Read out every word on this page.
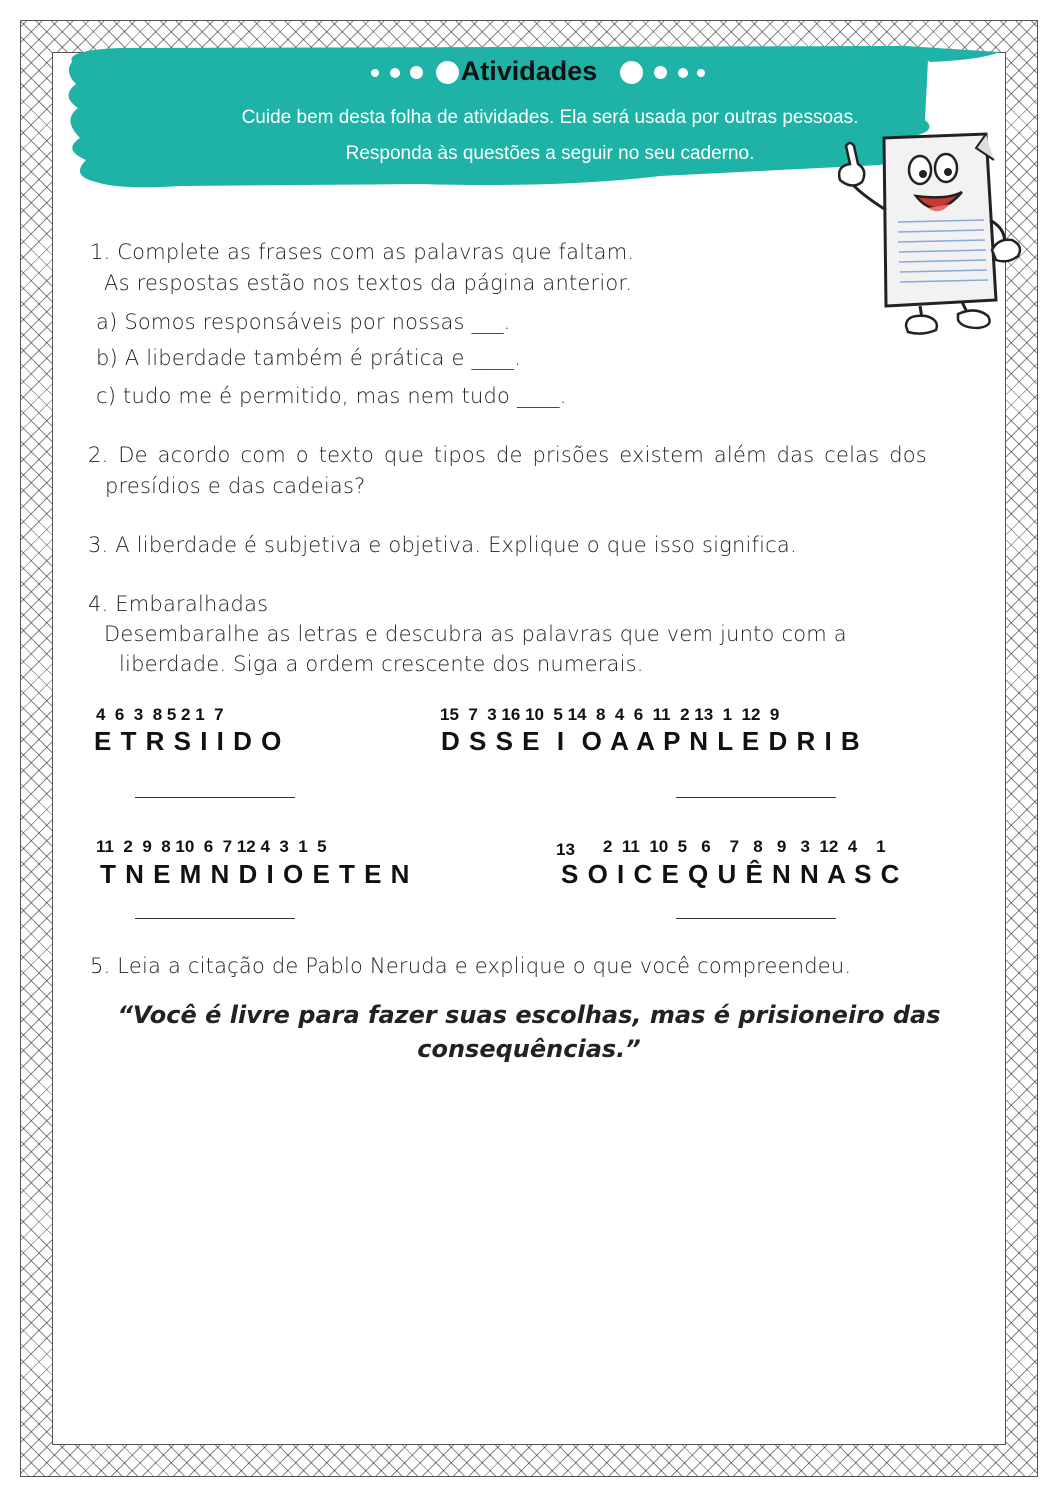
Atividades
Cuide bem desta folha de atividades. Ela será usada por outras pessoas.
Responda às questões a seguir no seu caderno.
1. Complete as frases com as palavras que faltam.
As respostas estão nos textos da página anterior.
a) Somos responsáveis por nossas ___.
b) A liberdade também é prática e ____.
c) tudo me é permitido, mas nem tudo ____.
2. De acordo com o texto que tipos de prisões existem além das celas dos
presídios e das cadeias?
3. A liberdade é subjetiva e objetiva. Explique o que isso significa.
4. Embaralhadas
Desembaralhe as letras e descubra as palavras que vem junto com a
liberdade. Siga a ordem crescente dos numerais.
4  6  3  8 5 2 1  7
E T R S I I D O
15  7  3 16 10  5 14  8  4  6  11  2 13  1  12  9
D S S E  I  O A A P N L E D R I B
11  2  9  8 10  6  7 12 4  3  1  5
T N E M N D I O E T E N
13 2  11  10  5   6    7   8   9   3  12  4    1
S O I C E Q U Ê N N A S C
5. Leia a citação de Pablo Neruda e explique o que você compreendeu.
“Você é livre para fazer suas escolhas, mas é prisioneiro das
consequências.”
